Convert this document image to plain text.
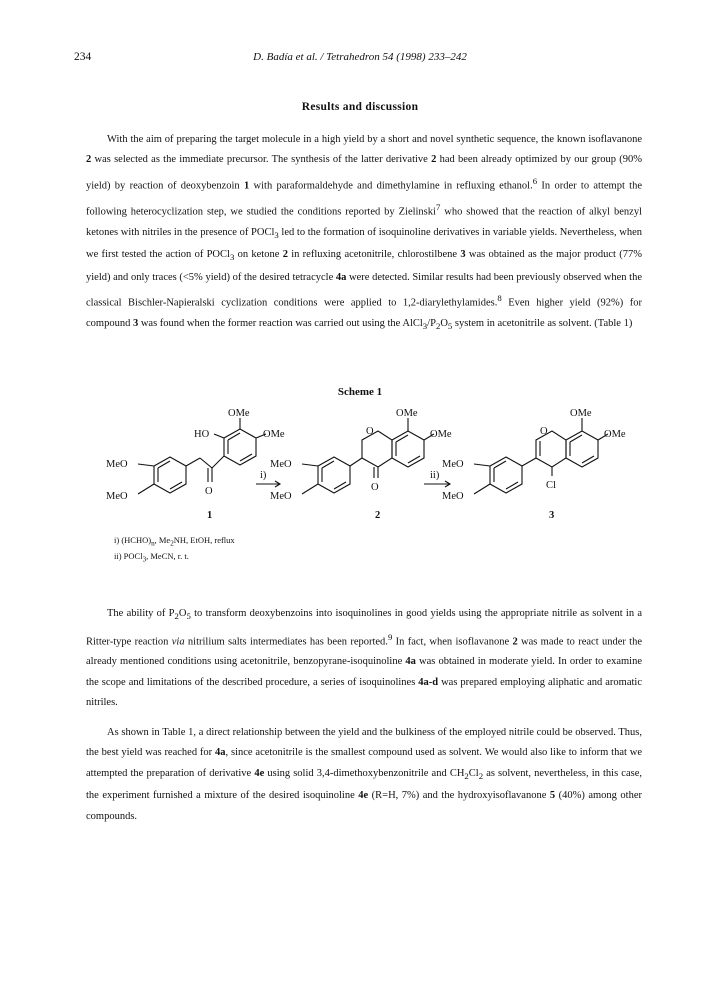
234	D. Badía et al. / Tetrahedron 54 (1998) 233–242
Results and discussion

  With the aim of preparing the target molecule in a high yield by a short and novel synthetic sequence, the known isoflavanone 2 was selected as the immediate precursor. The synthesis of the latter derivative 2 had been already optimized by our group (90% yield) by reaction of deoxybenzoin 1 with paraformaldehyde and dimethylamine in refluxing ethanol.$^6$ In order to attempt the following heterocyclization step, we studied the conditions reported by Zielinski$^7$ who showed that the reaction of alkyl benzyl ketones with nitriles in the presence of POCl$_3$ led to the formation of isoquinoline derivatives in variable yields. Nevertheless, when we first tested the action of POCl$_3$ on ketone 2 in refluxing acetonitrile, chlorostilbene 3 was obtained as the major product (77% yield) and only traces (<5% yield) of the desired tetracycle 4a were detected. Similar results had been previously observed when the classical Bischler-Napieralski cyclization conditions were applied to 1,2-diarylethylamides.$^8$ Even higher yield (92%) for compound 3 was found when the former reaction was carried out using the $AlCl_3/P_2O_5$ system in acetonitrile as solvent. (Table 1)

Scheme 1
OMe
HO	OMe
MeO
MeO	O
i)
OMe
O	OMe
MeO
MeO
O
ii)
OMe
O	OMe
MeO
MeO
Cl
1	2	3
i) $(HCHO)_n$, $Me_2NH$, EtOH, reflux
ii) POCl$_3$, MeCN, r. t.

  The ability of $P_2O_5$ to transform deoxybenzoins into isoquinolines in good yields using the appropriate nitrile as solvent in a Ritter-type reaction via nitrilium salts intermediates has been reported.$^9$ In fact, when isoflavanone 2 was made to react under the already mentioned conditions using acetonitrile, benzopyrane-isoquinoline 4a was obtained in moderate yield. In order to examine the scope and limitations of the described procedure, a series of isoquinolines 4a-d was prepared employing aliphatic and aromatic nitriles.

  As shown in Table 1, a direct relationship between the yield and the bulkiness of the employed nitrile could be observed. Thus, the best yield was reached for 4a, since acetonitrile is the smallest compound used as solvent. We would also like to inform that we attempted the preparation of derivative 4e using solid 3,4-dimethoxybenzonitrile and $CH_2Cl_2$ as solvent, nevertheless, in this case, the experiment furnished a mixture of the desired isoquinoline 4e (R=H, 7%) and the hydroxyisoflavanone 5 (40%) among other compounds.
